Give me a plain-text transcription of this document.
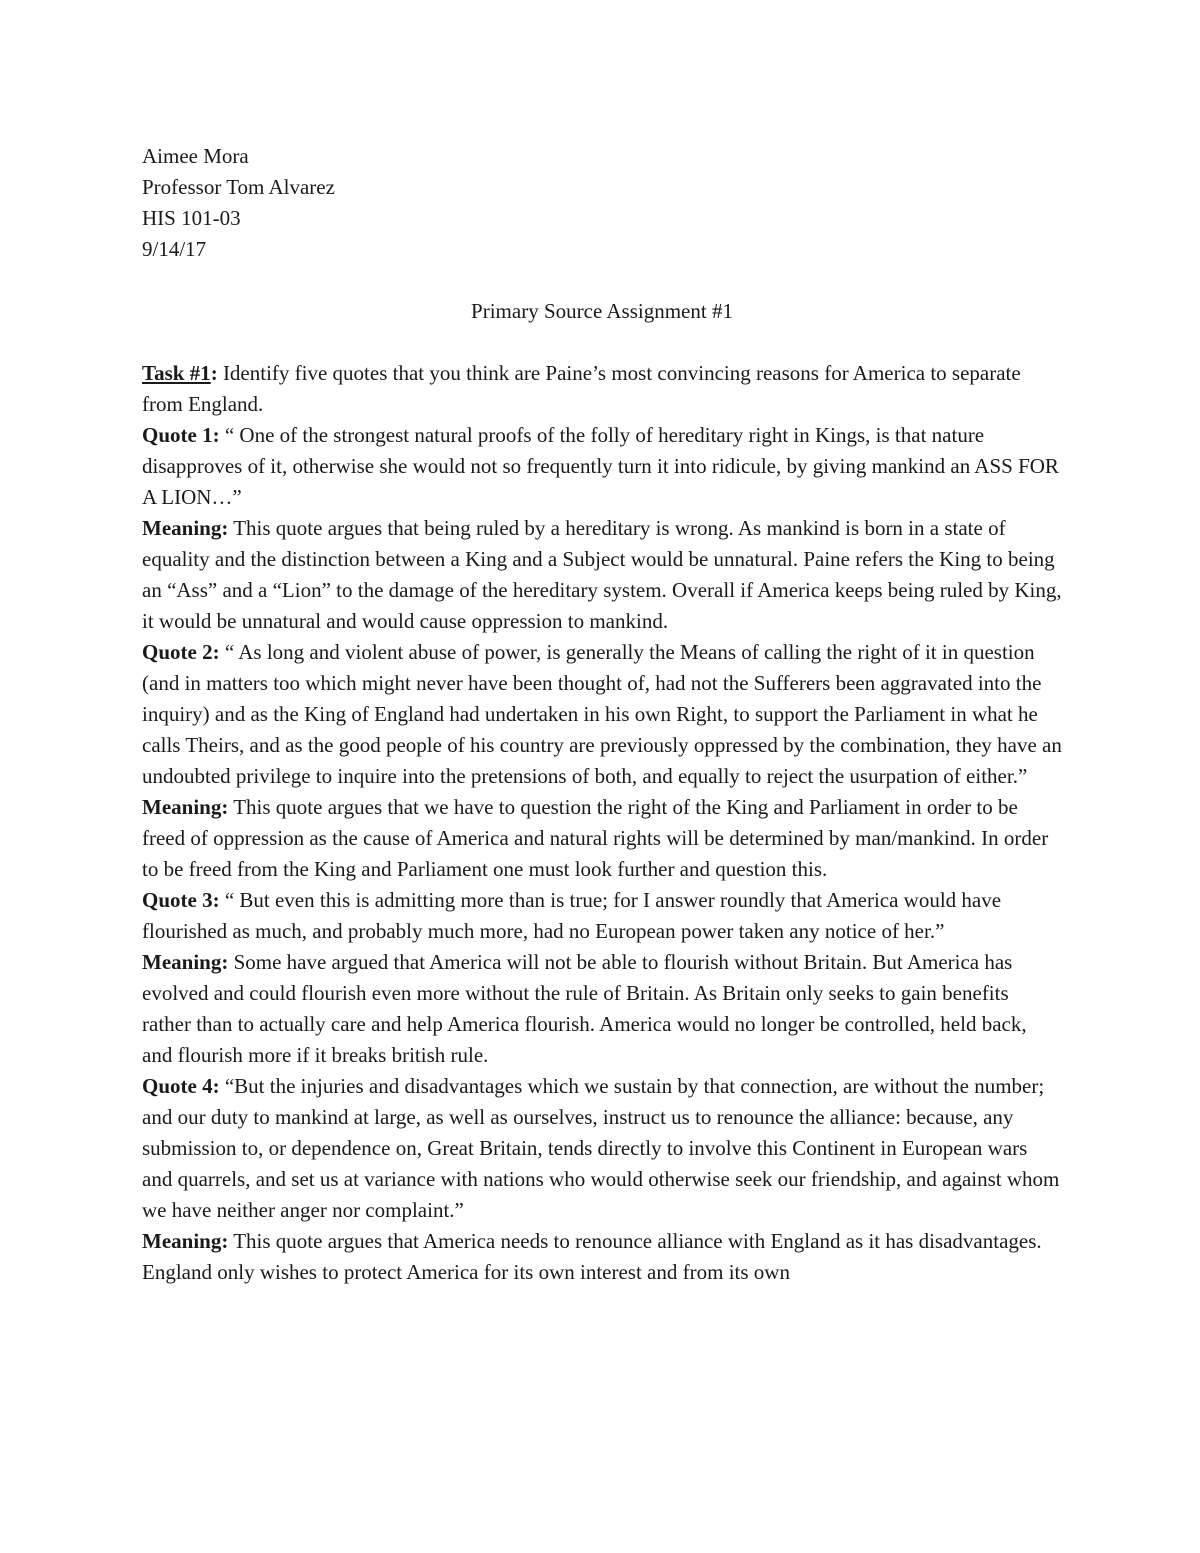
Aimee Mora
Professor Tom Alvarez
HIS 101-03
9/14/17
Primary Source Assignment #1

Task #1: Identify five quotes that you think are Paine’s most convincing reasons for America to separate from England.

Quote 1: “ One of the strongest natural proofs of the folly of hereditary right in Kings, is that nature disapproves of it, otherwise she would not so frequently turn it into ridicule, by giving mankind an ASS FOR A LION…”

Meaning: This quote argues that being ruled by a hereditary is wrong. As mankind is born in a state of equality and the distinction between a King and a Subject would be unnatural. Paine refers the King to being an “Ass” and a “Lion” to the damage of the hereditary system. Overall if America keeps being ruled by King, it would be unnatural and would cause oppression to mankind.

Quote 2: “ As long and violent abuse of power, is generally the Means of calling the right of it in question (and in matters too which might never have been thought of, had not the Sufferers been aggravated into the inquiry) and as the King of England had undertaken in his own Right, to support the Parliament in what he calls Theirs, and as the good people of his country are previously oppressed by the combination, they have an undoubted privilege to inquire into the pretensions of both, and equally to reject the usurpation of either.”

Meaning: This quote argues that we have to question the right of the King and Parliament in order to be freed of oppression as the cause of America and natural rights will be determined by man/mankind. In order to be freed from the King and Parliament one must look further and question this.

Quote 3: “ But even this is admitting more than is true; for I answer roundly that America would have flourished as much, and probably much more, had no European power taken any notice of her.”

Meaning: Some have argued that America will not be able to flourish without Britain. But America has evolved and could flourish even more without the rule of Britain. As Britain only seeks to gain benefits rather than to actually care and help America flourish. America would no longer be controlled, held back, and flourish more if it breaks british rule.

Quote 4: “But the injuries and disadvantages which we sustain by that connection, are without the number; and our duty to mankind at large, as well as ourselves, instruct us to renounce the alliance: because, any submission to, or dependence on, Great Britain, tends directly to involve this Continent in European wars and quarrels, and set us at variance with nations who would otherwise seek our friendship, and against whom we have neither anger nor complaint.”

Meaning: This quote argues that America needs to renounce alliance with England as it has disadvantages. England only wishes to protect America for its own interest and from its own
